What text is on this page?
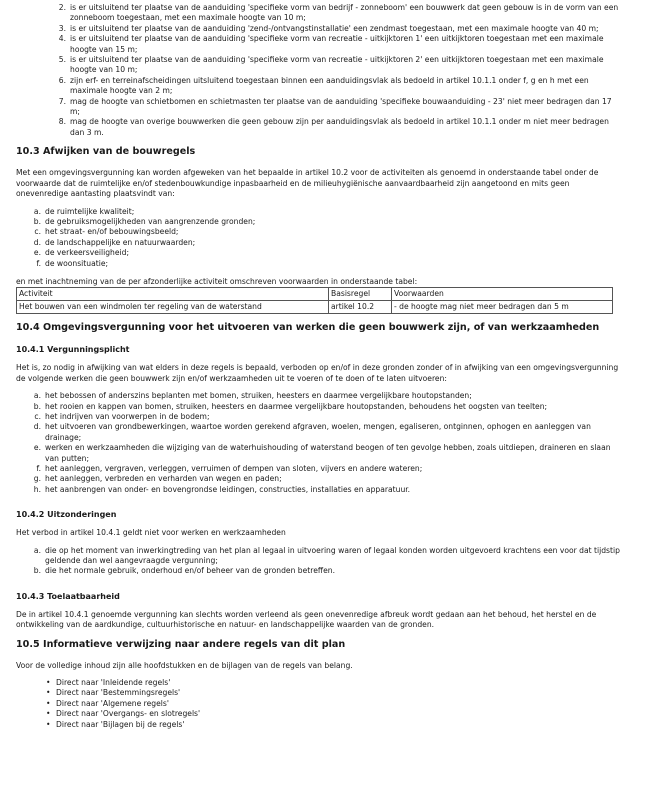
2. is er uitsluitend ter plaatse van de aanduiding 'specifieke vorm van bedrijf - zonneboom' een bouwwerk dat geen gebouw is in de vorm van een zonneboom toegestaan, met een maximale hoogte van 10 m;
3. is er uitsluitend ter plaatse van de aanduiding 'zend-/ontvangstinstallatie' een zendmast toegestaan, met een maximale hoogte van 40 m;
4. is er uitsluitend ter plaatse van de aanduiding 'specifieke vorm van recreatie - uitkijktoren 1' een uitkijktoren toegestaan met een maximale hoogte van 15 m;
5. is er uitsluitend ter plaatse van de aanduiding 'specifieke vorm van recreatie - uitkijktoren 2' een uitkijktoren toegestaan met een maximale hoogte van 10 m;
6. zijn erf- en terreinafscheidingen uitsluitend toegestaan binnen een aanduidingsvlak als bedoeld in artikel 10.1.1 onder f, g en h met een maximale hoogte van 2 m;
7. mag de hoogte van schietbomen en schietmasten ter plaatse van de aanduiding 'specifieke bouwaanduiding - 23' niet meer bedragen dan 17 m;
8. mag de hoogte van overige bouwwerken die geen gebouw zijn per aanduidingsvlak als bedoeld in artikel 10.1.1 onder m niet meer bedragen dan 3 m.
10.3 Afwijken van de bouwregels

Met een omgevingsvergunning kan worden afgeweken van het bepaalde in artikel 10.2 voor de activiteiten als genoemd in onderstaande tabel onder de voorwaarde dat de ruimtelijke en/of stedenbouwkundige inpasbaarheid en de milieuhygiënische aanvaardbaarheid zijn aangetoond en mits geen onevenredige aantasting plaatsvindt van:

a. de ruimtelijke kwaliteit;
b. de gebruiksmogelijkheden van aangrenzende gronden;
c. het straat- en/of bebouwingsbeeld;
d. de landschappelijke en natuurwaarden;
e. de verkeersveiligheid;
f. de woonsituatie;

en met inachtneming van de per afzonderlijke activiteit omschreven voorwaarden in onderstaande tabel:

Activiteit	Basisregel	Voorwaarden
Het bouwen van een windmolen ter regeling van de waterstand	artikel 10.2	- de hoogte mag niet meer bedragen dan 5 m
10.4 Omgevingsvergunning voor het uitvoeren van werken die geen bouwwerk zijn, of van werkzaamheden
10.4.1 Vergunningsplicht

Het is, zo nodig in afwijking van wat elders in deze regels is bepaald, verboden op en/of in deze gronden zonder of in afwijking van een omgevingsvergunning de volgende werken die geen bouwwerk zijn en/of werkzaamheden uit te voeren of te doen of te laten uitvoeren:

a. het bebossen of anderszins beplanten met bomen, struiken, heesters en daarmee vergelijkbare houtopstanden;
b. het rooien en kappen van bomen, struiken, heesters en daarmee vergelijkbare houtopstanden, behoudens het oogsten van teelten;
c. het indrijven van voorwerpen in de bodem;
d. het uitvoeren van grondbewerkingen, waartoe worden gerekend afgraven, woelen, mengen, egaliseren, ontginnen, ophogen en aanleggen van drainage;
e. werken en werkzaamheden die wijziging van de waterhuishouding of waterstand beogen of ten gevolge hebben, zoals uitdiepen, draineren en slaan van putten;
f. het aanleggen, vergraven, verleggen, verruimen of dempen van sloten, vijvers en andere wateren;
g. het aanleggen, verbreden en verharden van wegen en paden;
h. het aanbrengen van onder- en bovengrondse leidingen, constructies, installaties en apparatuur.
10.4.2 Uitzonderingen

Het verbod in artikel 10.4.1 geldt niet voor werken en werkzaamheden

a. die op het moment van inwerkingtreding van het plan al legaal in uitvoering waren of legaal konden worden uitgevoerd krachtens een voor dat tijdstip geldende dan wel aangevraagde vergunning;
b. die het normale gebruik, onderhoud en/of beheer van de gronden betreffen.
10.4.3 Toelaatbaarheid

De in artikel 10.4.1 genoemde vergunning kan slechts worden verleend als geen onevenredige afbreuk wordt gedaan aan het behoud, het herstel en de ontwikkeling van de aardkundige, cultuurhistorische en natuur- en landschappelijke waarden van de gronden.

10.5 Informatieve verwijzing naar andere regels van dit plan

Voor de volledige inhoud zijn alle hoofdstukken en de bijlagen van de regels van belang.

• Direct naar 'Inleidende regels'
• Direct naar 'Bestemmingsregels'
• Direct naar 'Algemene regels'
• Direct naar 'Overgangs- en slotregels'
• Direct naar 'Bijlagen bij de regels'
